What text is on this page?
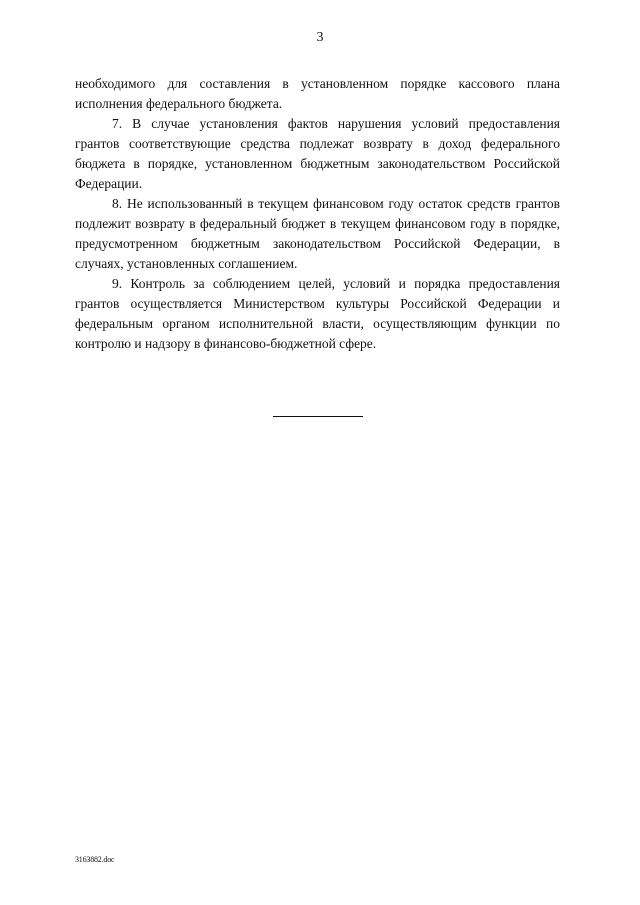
3

необходимого для составления в установленном порядке кассового плана исполнения федерального бюджета.

7. В случае установления фактов нарушения условий предоставления грантов соответствующие средства подлежат возврату в доход федерального бюджета в порядке, установленном бюджетным законодательством Российской Федерации.

8. Не использованный в текущем финансовом году остаток средств грантов подлежит возврату в федеральный бюджет в текущем финансовом году в порядке, предусмотренном бюджетным законодательством Российской Федерации, в случаях, установленных соглашением.

9. Контроль за соблюдением целей, условий и порядка предоставления грантов осуществляется Министерством культуры Российской Федерации и федеральным органом исполнительной власти, осуществляющим функции по контролю и надзору в финансово-бюджетной сфере.

3163882.doc
